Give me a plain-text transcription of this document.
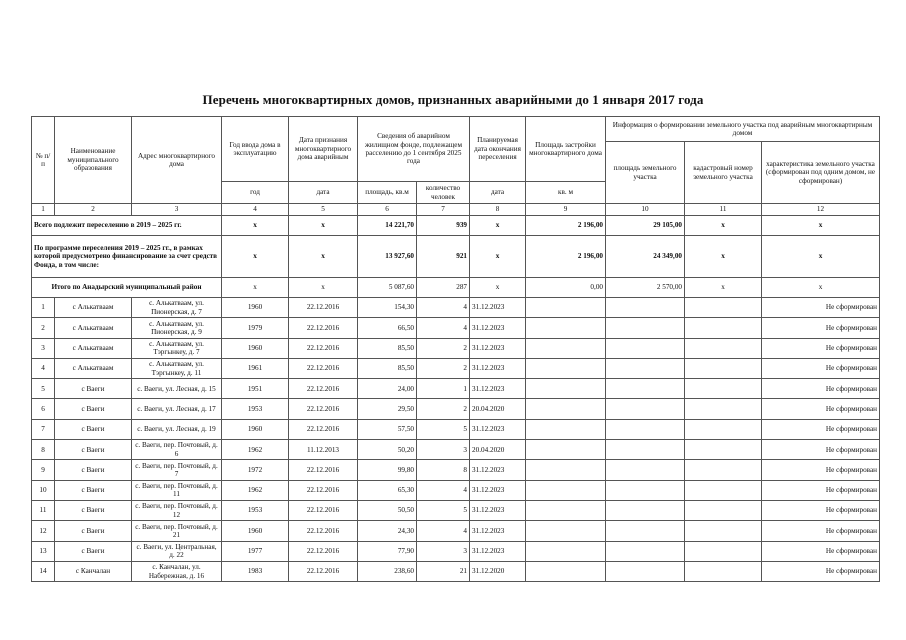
Перечень многоквартирных домов, признанных аварийными до 1 января 2017 года
№ п/п	Наименование муниципального образования	Адрес многоквартирного дома	Год ввода дома в эксплуатацию	Дата признания многоквартирного дома аварийным	Сведения об аварийном жилищном фонде, подлежащем расселению до 1 сентября 2025 года		Планируемая дата окончания переселения	Площадь застройки многоквартирного дома	Информация о формировании земельного участка под аварийным многоквартирным домом		
									площадь земельного участка	кадастровый номер земельного участка	характеристика земельного участка (сформирован под одним домом, не сформирован)
			год	дата	площадь, кв.м	количество человек	дата	кв. м			
1	2	3	4	5	6	7	8	9	10	11	12
Всего подлежит переселению в 2019 – 2025 гг.			х	х	14 221,70	939	х	2 196,00	29 105,00	х	х
По программе переселения 2019 – 2025 гг., в рамках которой предусмотрено финансирование за счет средств Фонда, в том числе:			х	х	13 927,60	921	х	2 196,00	24 349,00	х	х
Итого по Анадырский муниципальный район			х	х	5 087,60	287	х	0,00	2 570,00	х	х
1	с Алькатваам	с. Алькатваам, ул. Пионерская, д. 7	1960	22.12.2016	154,30	4	31.12.2023				Не сформирован
2	с Алькатваам	с. Алькатваам, ул. Пионерская, д. 9	1979	22.12.2016	66,50	4	31.12.2023				Не сформирован
3	с Алькатваам	с. Алькатваам, ул. Тэргынкеу, д. 7	1960	22.12.2016	85,50	2	31.12.2023				Не сформирован
4	с Алькатваам	с. Алькатваам, ул. Тэргынкеу, д. 11	1961	22.12.2016	85,50	2	31.12.2023				Не сформирован
5	с Ваеги	с. Ваеги, ул. Лесная, д. 15	1951	22.12.2016	24,00	1	31.12.2023				Не сформирован
6	с Ваеги	с. Ваеги, ул. Лесная, д. 17	1953	22.12.2016	29,50	2	20.04.2020				Не сформирован
7	с Ваеги	с. Ваеги, ул. Лесная, д. 19	1960	22.12.2016	57,50	5	31.12.2023				Не сформирован
8	с Ваеги	с. Ваеги, пер. Почтовый, д. 6	1962	11.12.2013	50,20	3	20.04.2020				Не сформирован
9	с Ваеги	с. Ваеги, пер. Почтовый, д. 7	1972	22.12.2016	99,80	8	31.12.2023				Не сформирован
10	с Ваеги	с. Ваеги, пер. Почтовый, д. 11	1962	22.12.2016	65,30	4	31.12.2023				Не сформирован
11	с Ваеги	с. Ваеги, пер. Почтовый, д. 12	1953	22.12.2016	50,50	5	31.12.2023				Не сформирован
12	с Ваеги	с. Ваеги, пер. Почтовый, д. 21	1960	22.12.2016	24,30	4	31.12.2023				Не сформирован
13	с Ваеги	с. Ваеги, ул. Центральная, д. 22	1977	22.12.2016	77,90	3	31.12.2023				Не сформирован
14	с Канчалан	с. Канчалан, ул. Набережная, д. 16	1983	22.12.2016	238,60	21	31.12.2020				Не сформирован
